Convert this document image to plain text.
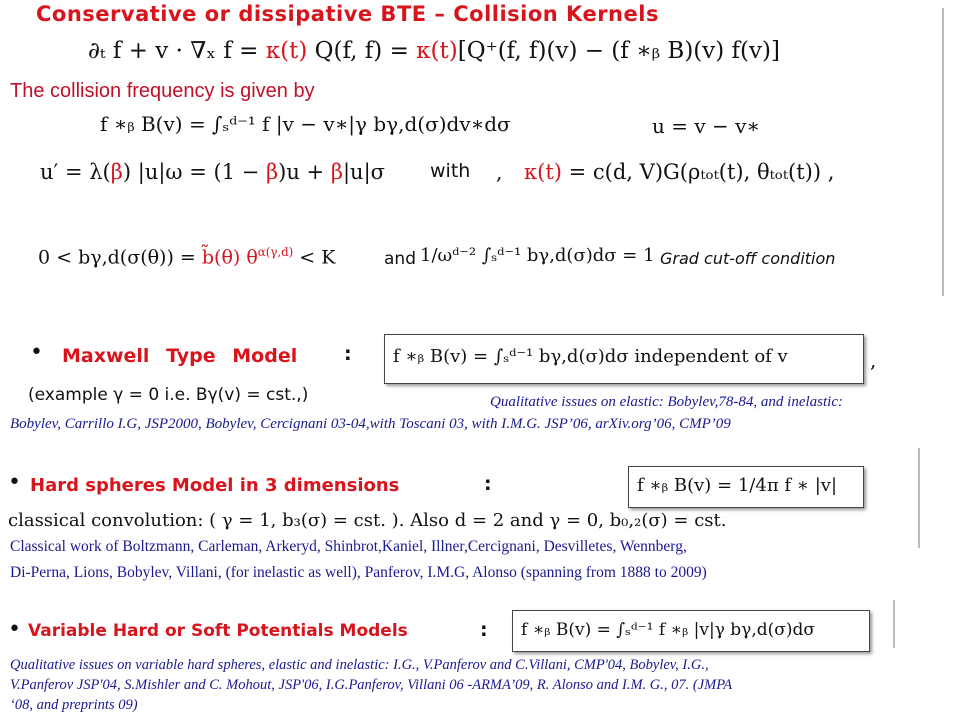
Conservative or dissipative BTE – Collision Kernels
∂ₜ f + v · ∇ₓ f = κ(t) Q(f, f) = κ(t)[Q⁺(f, f)(v) − (f ∗ᵦ B)(v) f(v)]
The collision frequency is given by
f ∗ᵦ B(v) = ∫ₛᵈ⁻¹ f |v − v∗|γ bγ,d(σ)dv∗dσ	u = v − v∗
u′ = λ(β) |u|ω = (1 − β)u + β|u|σ with , κ(t) = c(d, V)G(ρₜₒₜ(t), θₜₒₜ(t)) ,
0 < bγ,d(σ(θ)) = b̃(θ) $\theta^{\alpha(\gamma,d)} < K$	and 1/ωᵈ⁻² ∫ₛᵈ⁻¹ bγ,d(σ)dσ = 1 Grad cut-off condition
• Maxwell Type Model : f ∗ᵦ B(v) = ∫ₛᵈ⁻¹ bγ,d(σ)dσ independent of v	,
(example γ = 0 i.e. Bγ(v) = cst.,)	Qualitative issues on elastic: Bobylev,78-84, and inelastic:
Bobylev, Carrillo I.G, JSP2000, Bobylev, Cercignani 03-04,with Toscani 03, with I.M.G. JSP’06, arXiv.org’06, CMP’09
• Hard spheres Model in 3 dimensions	:	f ∗ᵦ B(v) = 1/4π f ∗ |v|
classical convolution: ( γ = 1, b₃(σ) = cst. ). Also d = 2 and γ = 0, b₀,₂(σ) = cst.
Classical work of Boltzmann, Carleman, Arkeryd, Shinbrot,Kaniel, Illner,Cercignani, Desvilletes, Wennberg,
Di-Perna, Lions, Bobylev, Villani, (for inelastic as well), Panferov, I.M.G, Alonso (spanning from 1888 to 2009)
• Variable Hard or Soft Potentials Models	: f ∗ᵦ B(v) = ∫ₛᵈ⁻¹ f ∗ᵦ |v|γ bγ,d(σ)dσ
Qualitative issues on variable hard spheres, elastic and inelastic: I.G., V.Panferov and C.Villani, CMP'04, Bobylev, I.G.,
V.Panferov JSP'04, S.Mishler and C. Mohout, JSP'06, I.G.Panferov, Villani 06 -ARMA’09, R. Alonso and I.M. G., 07. (JMPA
‘08, and preprints 09)
